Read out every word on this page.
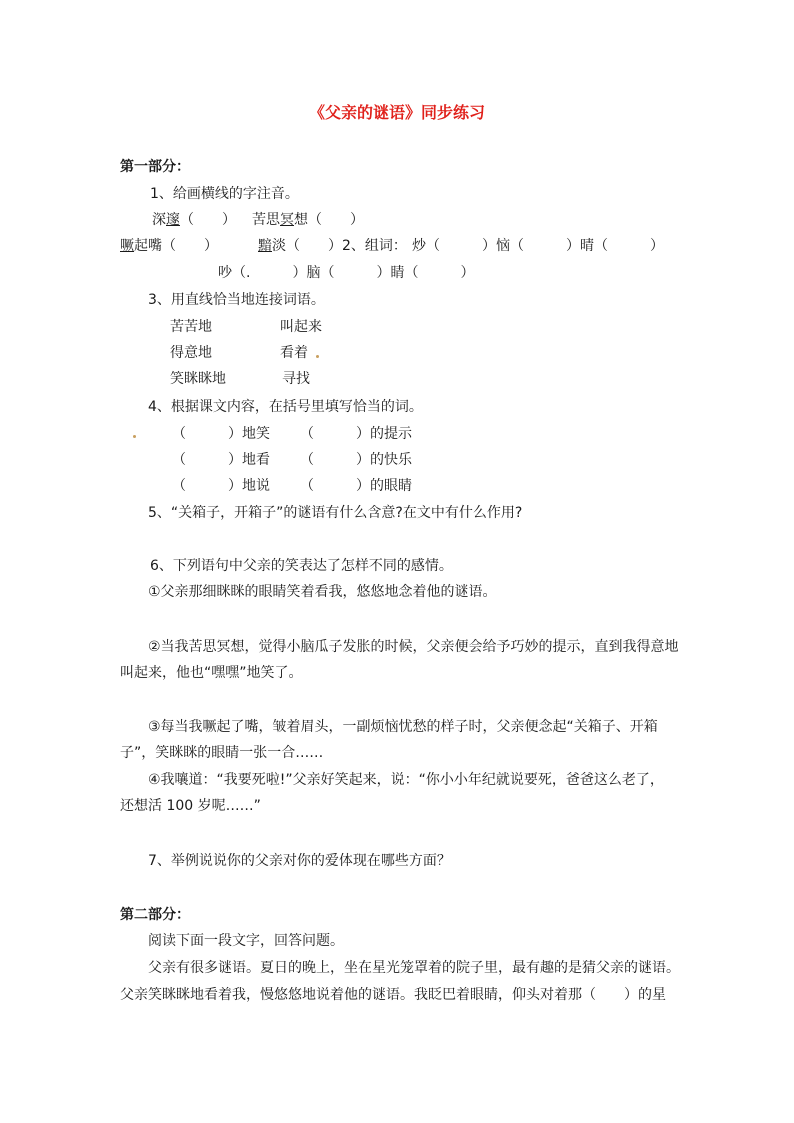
《父亲的谜语》同步练习
第一部分：
1、给画横线的字注音。
深邃（　　） 苦思冥想（　　）
噘起嘴（　　）	黯淡（　　） 2、组词： 炒（　　　）恼（　　　）晴（　　　）
吵（.　　　）脑（　　　）睛（　　　）
3、用直线恰当地连接词语。
苦苦地	叫起来
得意地	看着
笑眯眯地	寻找
4、根据课文内容，在括号里填写恰当的词。
（　　　）地笑 （　　　）的提示
（　　　）地看 （　　　）的快乐
（　　　）地说 （　　　）的眼睛
5、“关箱子，开箱子”的谜语有什么含意?在文中有什么作用?
6、下列语句中父亲的笑表达了怎样不同的感情。
①父亲那细眯眯的眼睛笑着看我，悠悠地念着他的谜语。
②当我苦思冥想，觉得小脑瓜子发胀的时候，父亲便会给予巧妙的提示，直到我得意地
叫起来，他也“嘿嘿”地笑了。
③每当我噘起了嘴，皱着眉头，一副烦恼忧愁的样子时，父亲便念起“关箱子、开箱
子”，笑眯眯的眼睛一张一合……
④我嚷道：“我要死啦!”父亲好笑起来，说：“你小小年纪就说要死，爸爸这么老了，
还想活 100 岁呢……”
7、举例说说你的父亲对你的爱体现在哪些方面？
第二部分：
阅读下面一段文字，回答问题。
父亲有很多谜语。夏日的晚上，坐在星光笼罩着的院子里，最有趣的是猜父亲的谜语。
父亲笑眯眯地看着我，慢悠悠地说着他的谜语。我眨巴着眼睛，仰头对着那（　　）的星
